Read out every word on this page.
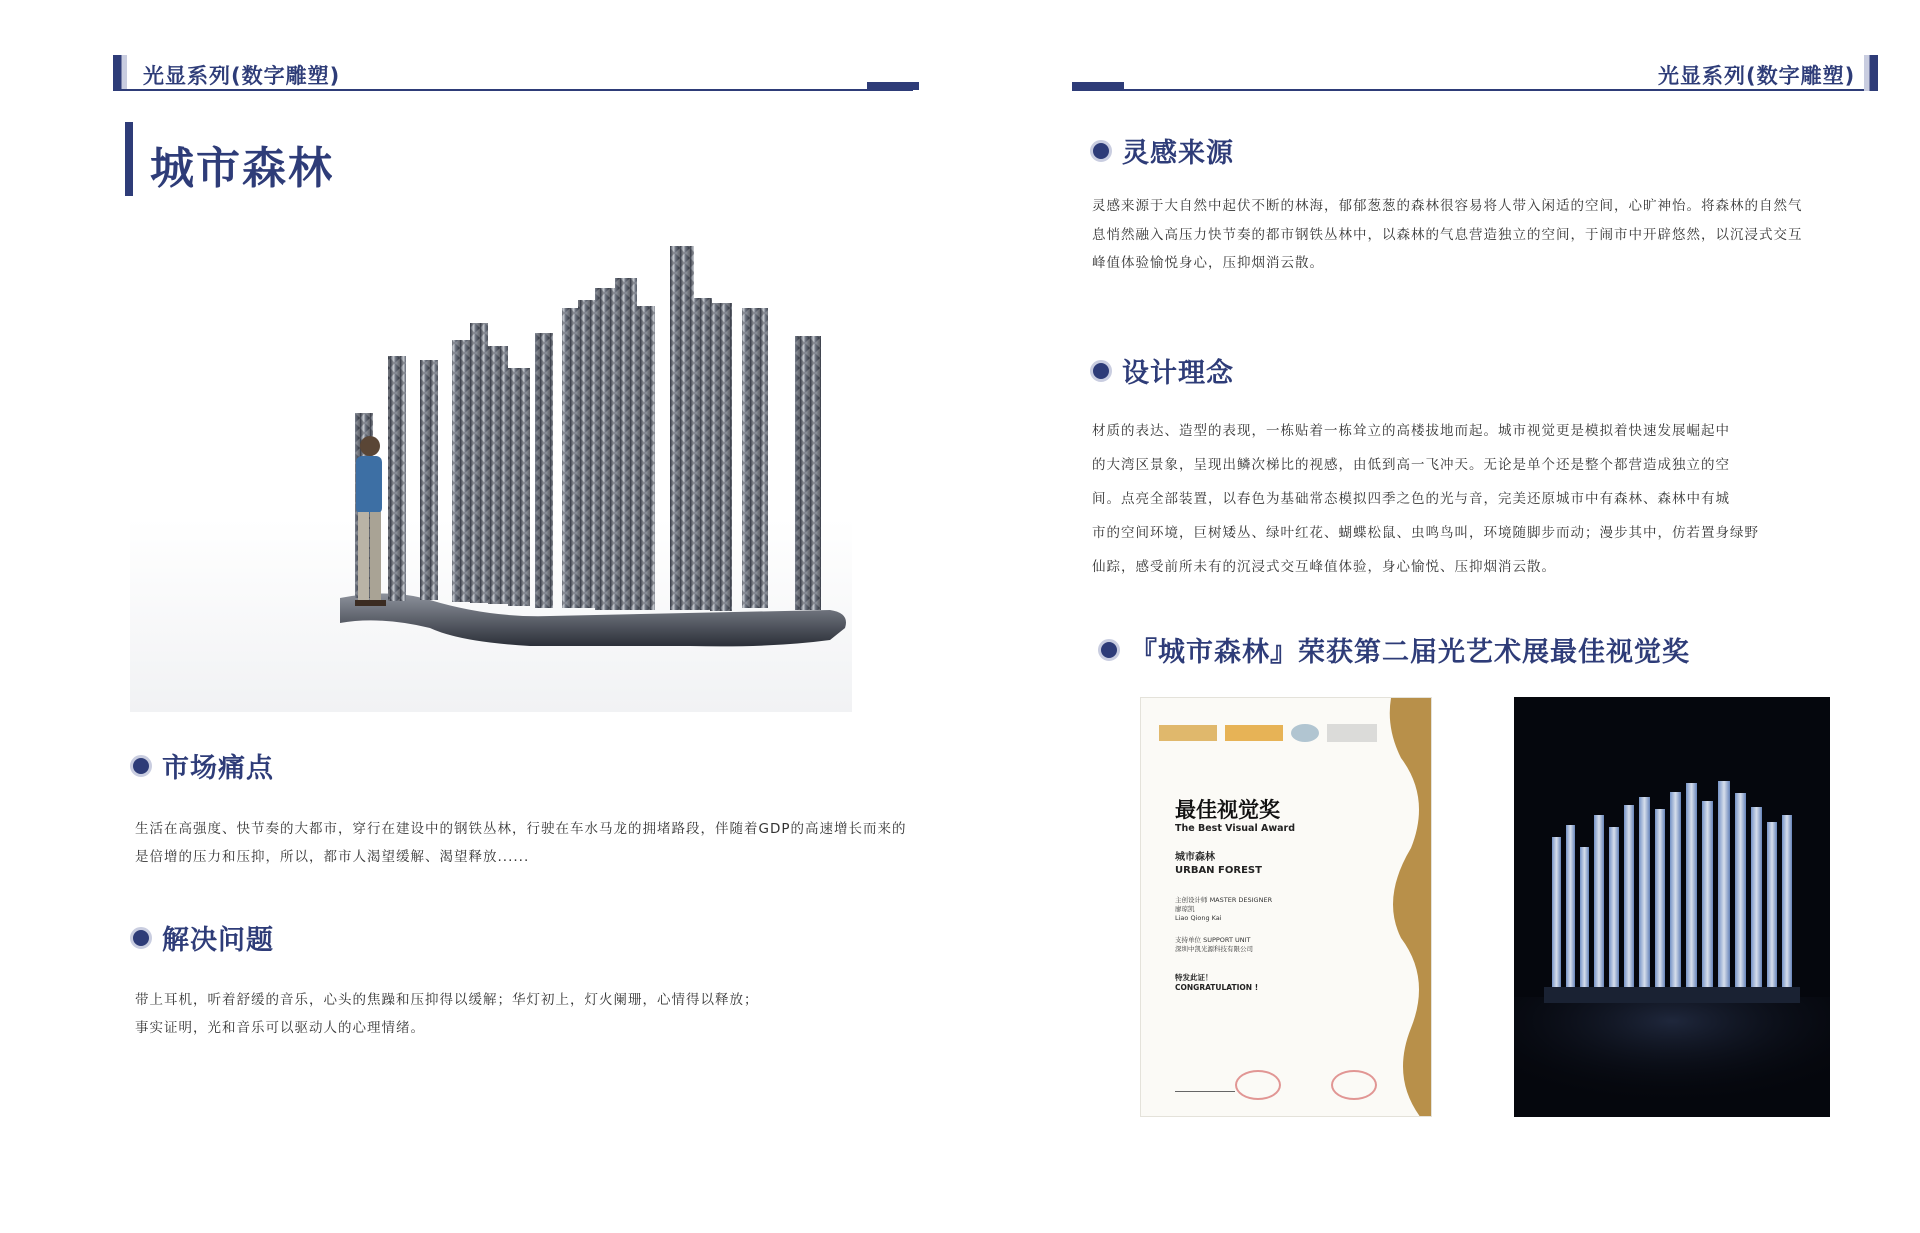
光显系列(数字雕塑)	光显系列(数字雕塑)
城市森林
市场痛点

生活在高强度、快节奏的大都市，穿行在建设中的钢铁丛林，行驶在车水马龙的拥堵路段，伴随着GDP的高速增长而来的

是倍增的压力和压抑，所以，都市人渴望缓解、渴望释放......

解决问题

带上耳机，听着舒缓的音乐，心头的焦躁和压抑得以缓解；华灯初上，灯火阑珊，心情得以释放；

事实证明，光和音乐可以驱动人的心理情绪。

灵感来源

灵感来源于大自然中起伏不断的林海，郁郁葱葱的森林很容易将人带入闲适的空间，心旷神怡。将森林的自然气

息悄然融入高压力快节奏的都市钢铁丛林中，以森林的气息营造独立的空间，于闹市中开辟悠然，以沉浸式交互

峰值体验愉悦身心，压抑烟消云散。

设计理念

材质的表达、造型的表现，一栋贴着一栋耸立的高楼拔地而起。城市视觉更是模拟着快速发展崛起中

的大湾区景象，呈现出鳞次梯比的视感，由低到高一飞冲天。无论是单个还是整个都营造成独立的空

间。点亮全部装置，以春色为基础常态模拟四季之色的光与音，完美还原城市中有森林、森林中有城

市的空间环境，巨树矮丛、绿叶红花、蝴蝶松鼠、虫鸣鸟叫，环境随脚步而动；漫步其中，仿若置身绿野

仙踪，感受前所未有的沉浸式交互峰值体验，身心愉悦、压抑烟消云散。

『城市森林』荣获第二届光艺术展最佳视觉奖
最佳视觉奖
The Best Visual Award
城市森林
URBAN FOREST
主创设计师 MASTER DESIGNER
廖琼凯
Liao Qiong Kai
支持单位 SUPPORT UNIT
深圳中凯光源科技有限公司
特发此证！
CONGRATULATION !
